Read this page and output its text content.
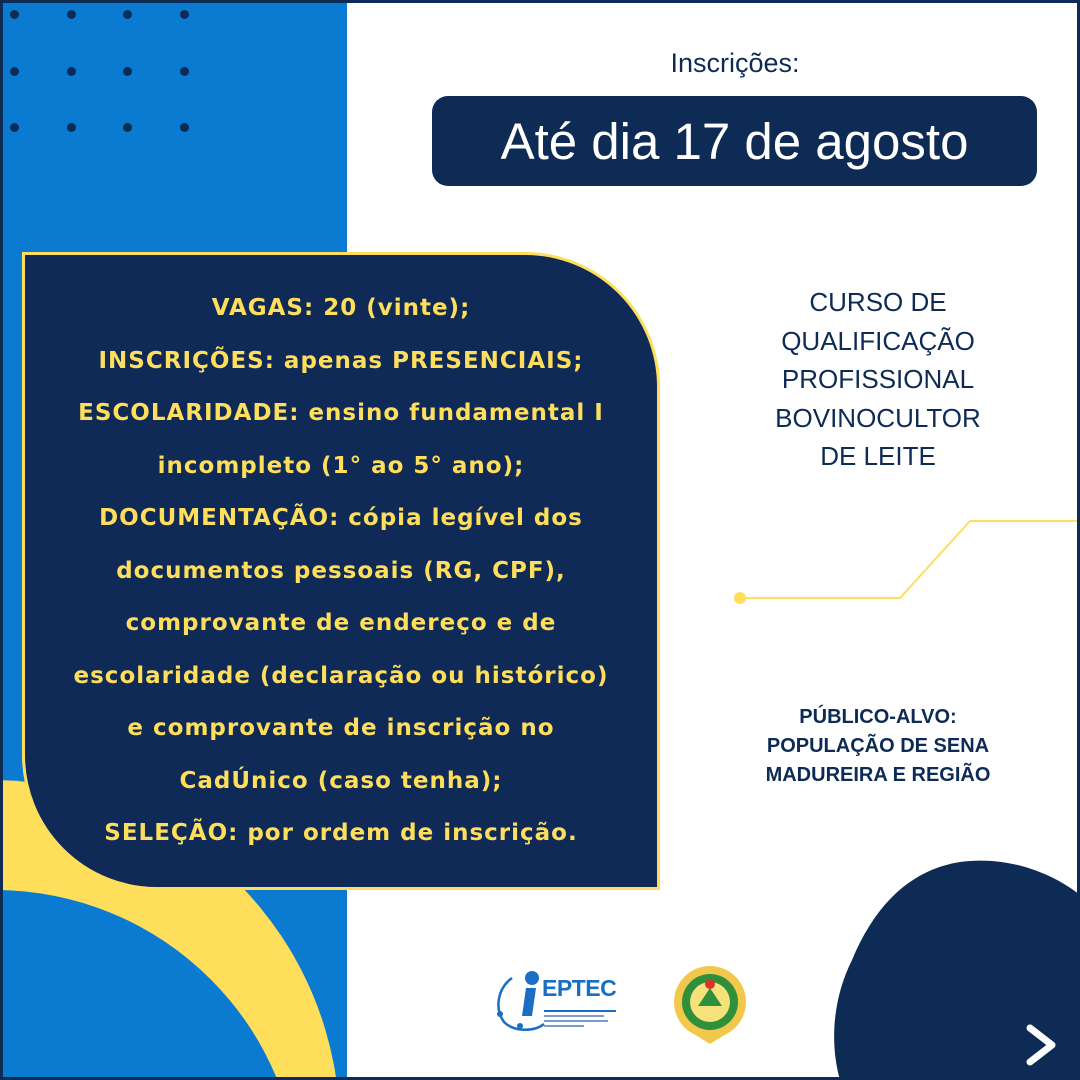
Inscrições:
Até dia 17 de agosto
VAGAS: 20 (vinte);
INSCRIÇÕES: apenas PRESENCIAIS;
ESCOLARIDADE: ensino fundamental I
incompleto (1° ao 5° ano);
DOCUMENTAÇÃO: cópia legível dos
documentos pessoais (RG, CPF),
comprovante de endereço e de
escolaridade (declaração ou histórico)
e comprovante de inscrição no
CadÚnico (caso tenha);
SELEÇÃO: por ordem de inscrição.
CURSO DE
QUALIFICAÇÃO
PROFISSIONAL
BOVINOCULTOR
DE LEITE
PÚBLICO-ALVO:
POPULAÇÃO DE SENA
MADUREIRA E REGIÃO
EPTEC
